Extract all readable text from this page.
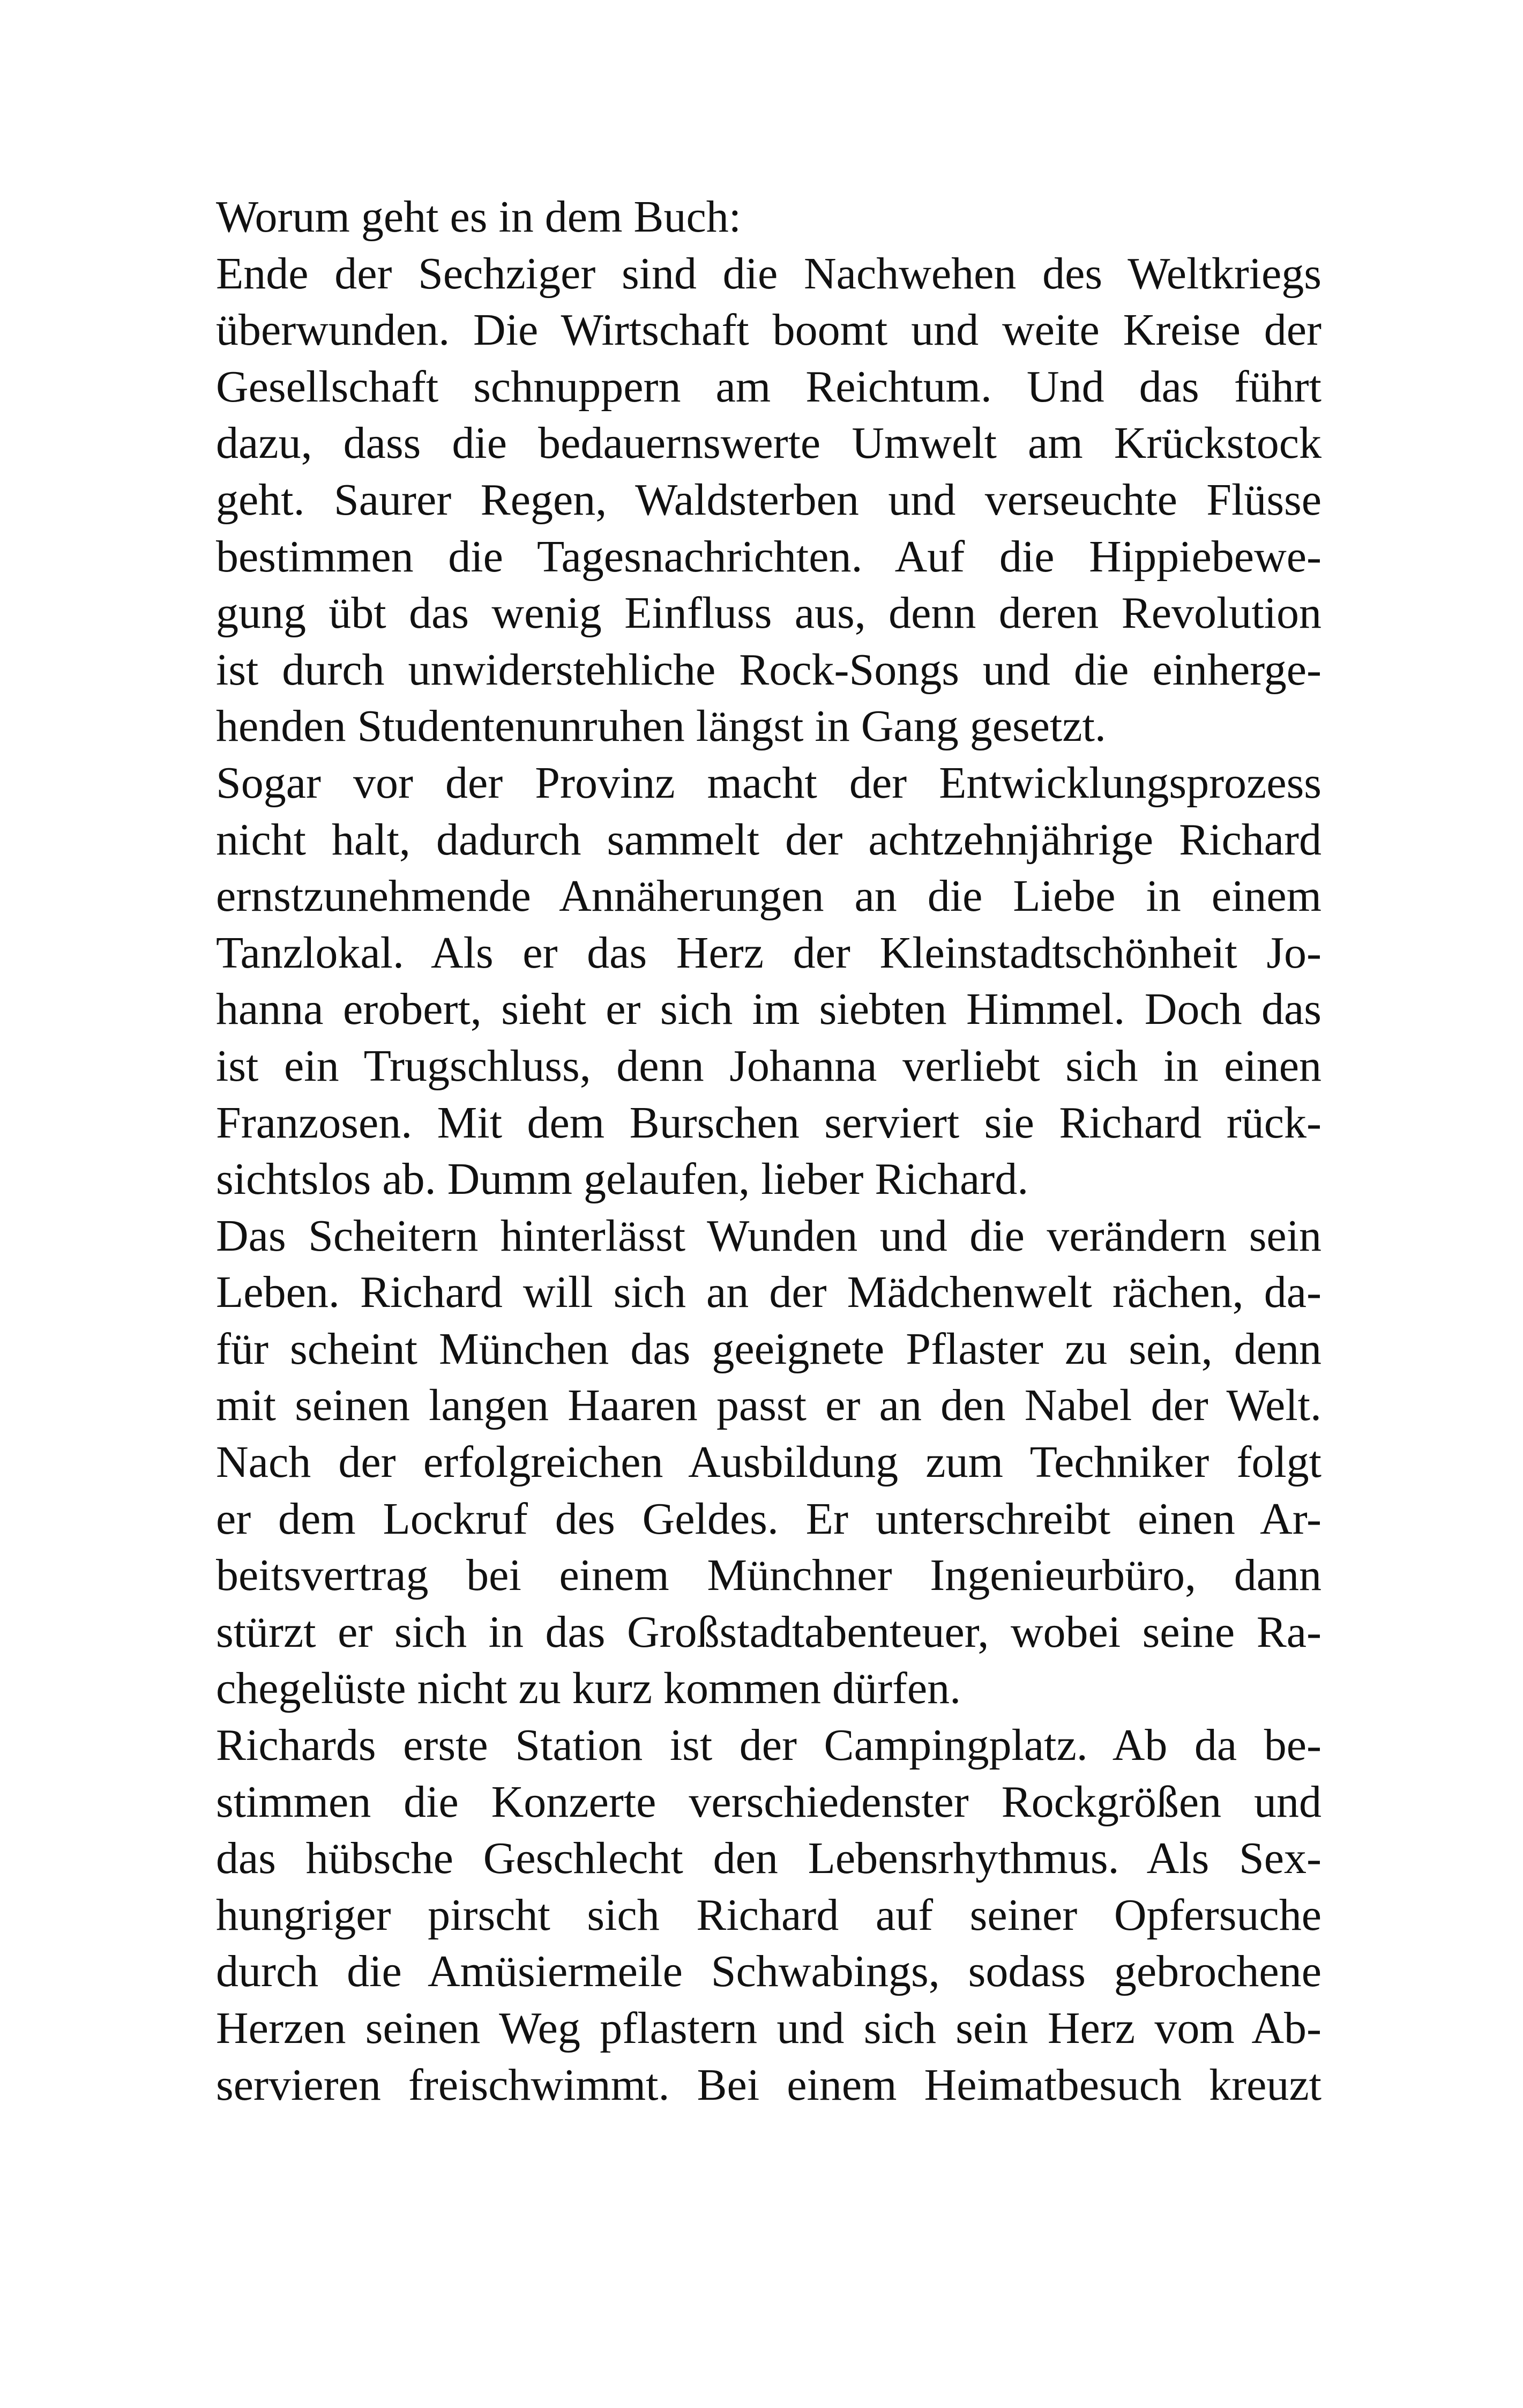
Worum geht es in dem Buch:
Ende der Sechziger sind die Nachwehen des Weltkriegs
überwunden. Die Wirtschaft boomt und weite Kreise der
Gesellschaft schnuppern am Reichtum. Und das führt
dazu, dass die bedauernswerte Umwelt am Krückstock
geht. Saurer Regen, Waldsterben und verseuchte Flüsse
bestimmen die Tagesnachrichten. Auf die Hippiebewe-
gung übt das wenig Einfluss aus, denn deren Revolution
ist durch unwiderstehliche Rock-Songs und die einherge-
henden Studentenunruhen längst in Gang gesetzt.
Sogar vor der Provinz macht der Entwicklungsprozess
nicht halt, dadurch sammelt der achtzehnjährige Richard
ernstzunehmende Annäherungen an die Liebe in einem
Tanzlokal. Als er das Herz der Kleinstadtschönheit Jo-
hanna erobert, sieht er sich im siebten Himmel. Doch das
ist ein Trugschluss, denn Johanna verliebt sich in einen
Franzosen. Mit dem Burschen serviert sie Richard rück-
sichtslos ab. Dumm gelaufen, lieber Richard.
Das Scheitern hinterlässt Wunden und die verändern sein
Leben. Richard will sich an der Mädchenwelt rächen, da-
für scheint München das geeignete Pflaster zu sein, denn
mit seinen langen Haaren passt er an den Nabel der Welt.
Nach der erfolgreichen Ausbildung zum Techniker folgt
er dem Lockruf des Geldes. Er unterschreibt einen Ar-
beitsvertrag bei einem Münchner Ingenieurbüro, dann
stürzt er sich in das Großstadtabenteuer, wobei seine Ra-
chegelüste nicht zu kurz kommen dürfen.
Richards erste Station ist der Campingplatz. Ab da be-
stimmen die Konzerte verschiedenster Rockgrößen und
das hübsche Geschlecht den Lebensrhythmus. Als Sex-
hungriger pirscht sich Richard auf seiner Opfersuche
durch die Amüsiermeile Schwabings, sodass gebrochene
Herzen seinen Weg pflastern und sich sein Herz vom Ab-
servieren freischwimmt. Bei einem Heimatbesuch kreuzt
